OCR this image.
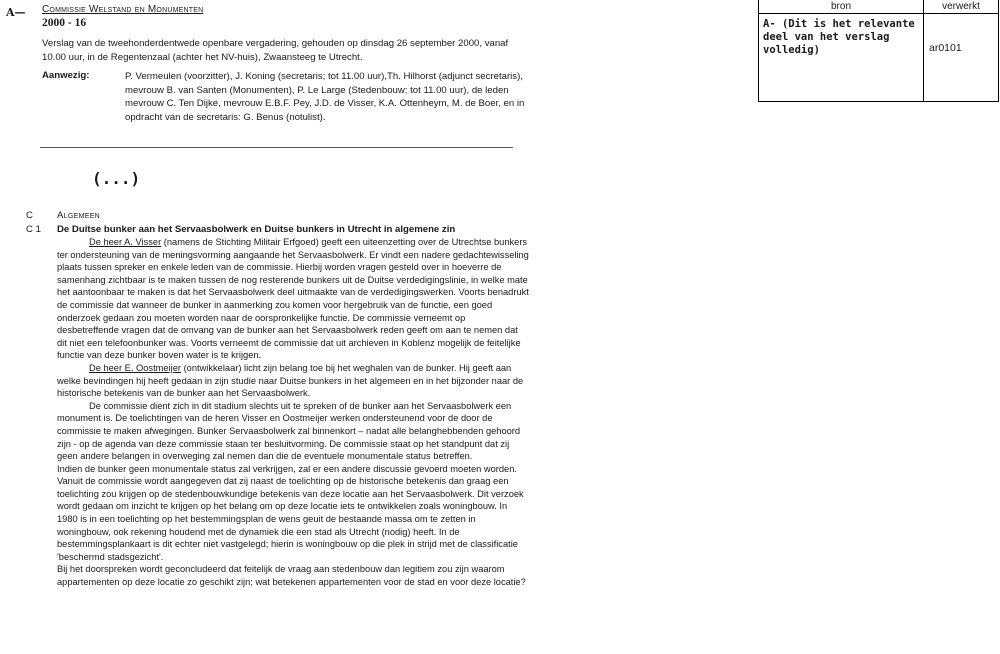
A— Commissie Welstand en Monumenten
2000 - 16
Verslag van de tweehonderdentwede openbare vergadering, gehouden op dinsdag 26 september 2000, vanaf 10.00 uur, in de Regentenzaal (achter het NV-huis), Zwaansteeg te Utrecht.
Aanwezig:	P. Vermeulen (voorzitter), J. Koning (secretaris; tot 11.00 uur),Th. Hilhorst (adjunct secretaris), mevrouw B. van Santen (Monumenten), P. Le Large (Stedenbouw; tot 11.00 uur), de leden mevrouw C. Ten Dijke, mevrouw E.B.F. Pey, J.D. de Visser, K.A. Ottenheym, M. de Boer, en in opdracht van de secretaris: G. Benus (notulist).
(...)
C	Algemeen
C 1 De Duitse bunker aan het Servaasbolwerk en Duitse bunkers in Utrecht in algemene zin

De heer A. Visser (namens de Stichting Militair Erfgoed) geeft een uiteenzetting over de Utrechtse bunkers ter ondersteuning van de meningsvorming aangaande het Servaasbolwerk. Er vindt een nadere gedachtewisseling plaats tussen spreker en enkele leden van de commissie. Hierbij worden vragen gesteld over in hoeverre de samenhang zichtbaar is te maken tussen de nog resterende bunkers uit de Duitse verdedigingslinie, in welke mate het aantoonbaar te maken is dat het Servaasbolwerk deel uitmaakte van de verdedigingswerken. Voorts benadrukt de commissie dat wanneer de bunker in aanmerking zou komen voor hergebruik van de functie, een goed onderzoek gedaan zou moeten worden naar de oorspronkelijke functie. De commissie verneemt op desbetreffende vragen dat de omvang van de bunker aan het Servaasbolwerk reden geeft om aan te nemen dat dit niet een telefoonbunker was. Voorts verneemt de commissie dat uit archieven in Koblenz mogelijk de feitelijke functie van deze bunker boven water is te krijgen.

De heer E. Oostmeijer (ontwikkelaar) licht zijn belang toe bij het weghalen van de bunker. Hij geeft aan welke bevindingen hij heeft gedaan in zijn studie naar Duitse bunkers in het algemeen en in het bijzonder naar de historische betekenis van de bunker aan het Servaasbolwerk.

De commissie dient zich in dit stadium slechts uit te spreken of de bunker aan het Servaasbolwerk een monument is. De toelichtingen van de heren Visser en Oostmeijer werken ondersteunend voor de door de commissie te maken afwegingen. Bunker Servaasbolwerk zal binnenkort – nadat alle belanghebbenden gehoord zijn - op de agenda van deze commissie staan ter besluitvorming. De commissie staat op het standpunt dat zij geen andere belangen in overweging zal nemen dan die de eventuele monumentale status betreffen.

Indien de bunker geen monumentale status zal verkrijgen, zal er een andere discussie gevoerd moeten worden. Vanuit de commissie wordt aangegeven dat zij naast de toelichting op de historische betekenis dan graag een toelichting zou krijgen op de stedenbouwkundige betekenis van deze locatie aan het Servaasbolwerk. Dit verzoek wordt gedaan om inzicht te krijgen op het belang om op deze locatie iets te ontwikkelen zoals woningbouw. In 1980 is in een toelichting op het bestemmingsplan de wens geuit de bestaande massa om te zetten in woningbouw, ook rekening houdend met de dynamiek die een stad als Utrecht (nodig) heeft. In de bestemmingsplankaart is dit echter niet vastgelegd; hierin is woningbouw op die plek in strijd met de classificatie 'beschermd stadsgezicht'.

Bij het doorspreken wordt geconcludeerd dat feitelijk de vraag aan stedenbouw dan legitiem zou zijn waarom appartementen op deze locatie zo geschikt zijn; wat betekenen appartementen voor de stad en voor deze locatie?

bron	verwerkt
A- (Dit is het relevante deel van het verslag volledig)	ar0101
